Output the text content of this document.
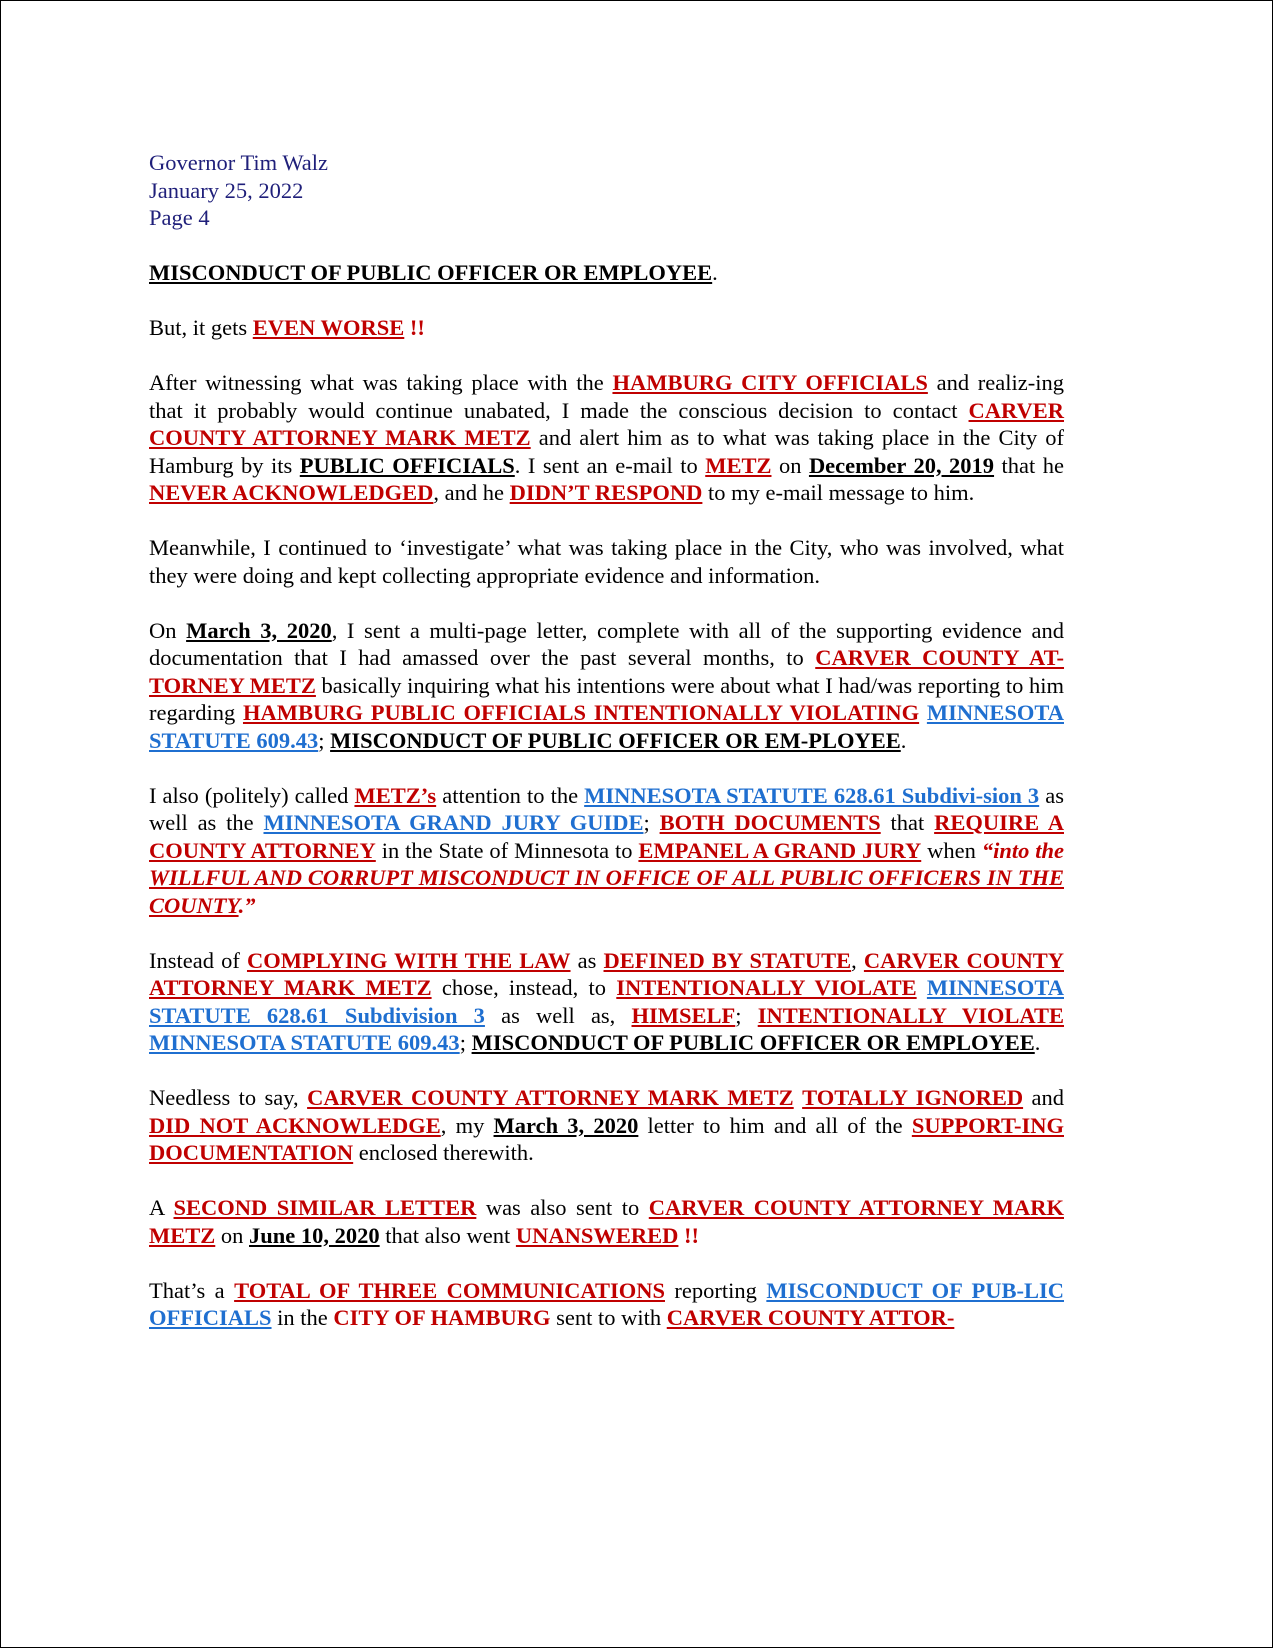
Governor Tim Walz
January 25, 2022
Page 4

MISCONDUCT OF PUBLIC OFFICER OR EMPLOYEE.

But, it gets EVEN WORSE !!

After witnessing what was taking place with the HAMBURG CITY OFFICIALS and realiz-ing that it probably would continue unabated, I made the conscious decision to contact CARVER COUNTY ATTORNEY MARK METZ and alert him as to what was taking place in the City of Hamburg by its PUBLIC OFFICIALS. I sent an e-mail to METZ on December 20, 2019 that he NEVER ACKNOWLEDGED, and he DIDN’T RESPOND to my e-mail message to him.

Meanwhile, I continued to ‘investigate’ what was taking place in the City, who was involved, what they were doing and kept collecting appropriate evidence and information.

On March 3, 2020, I sent a multi-page letter, complete with all of the supporting evidence and documentation that I had amassed over the past several months, to CARVER COUNTY AT-TORNEY METZ basically inquiring what his intentions were about what I had/was reporting to him regarding HAMBURG PUBLIC OFFICIALS INTENTIONALLY VIOLATING MINNESOTA STATUTE 609.43; MISCONDUCT OF PUBLIC OFFICER OR EM-PLOYEE.

I also (politely) called METZ’s attention to the MINNESOTA STATUTE 628.61 Subdivi-sion 3 as well as the MINNESOTA GRAND JURY GUIDE; BOTH DOCUMENTS that REQUIRE A COUNTY ATTORNEY in the State of Minnesota to EMPANEL A GRAND JURY when “into the WILLFUL AND CORRUPT MISCONDUCT IN OFFICE OF ALL PUBLIC OFFICERS IN THE COUNTY.”

Instead of COMPLYING WITH THE LAW as DEFINED BY STATUTE, CARVER COUNTY ATTORNEY MARK METZ chose, instead, to INTENTIONALLY VIOLATE MINNESOTA STATUTE 628.61 Subdivision 3 as well as, HIMSELF; INTENTIONALLY VIOLATE MINNESOTA STATUTE 609.43; MISCONDUCT OF PUBLIC OFFICER OR EMPLOYEE.

Needless to say, CARVER COUNTY ATTORNEY MARK METZ TOTALLY IGNORED and DID NOT ACKNOWLEDGE, my March 3, 2020 letter to him and all of the SUPPORT-ING DOCUMENTATION enclosed therewith.

A SECOND SIMILAR LETTER was also sent to CARVER COUNTY ATTORNEY MARK METZ on June 10, 2020 that also went UNANSWERED !!

That’s a TOTAL OF THREE COMMUNICATIONS reporting MISCONDUCT OF PUB-LIC OFFICIALS in the CITY OF HAMBURG sent to with CARVER COUNTY ATTOR-
